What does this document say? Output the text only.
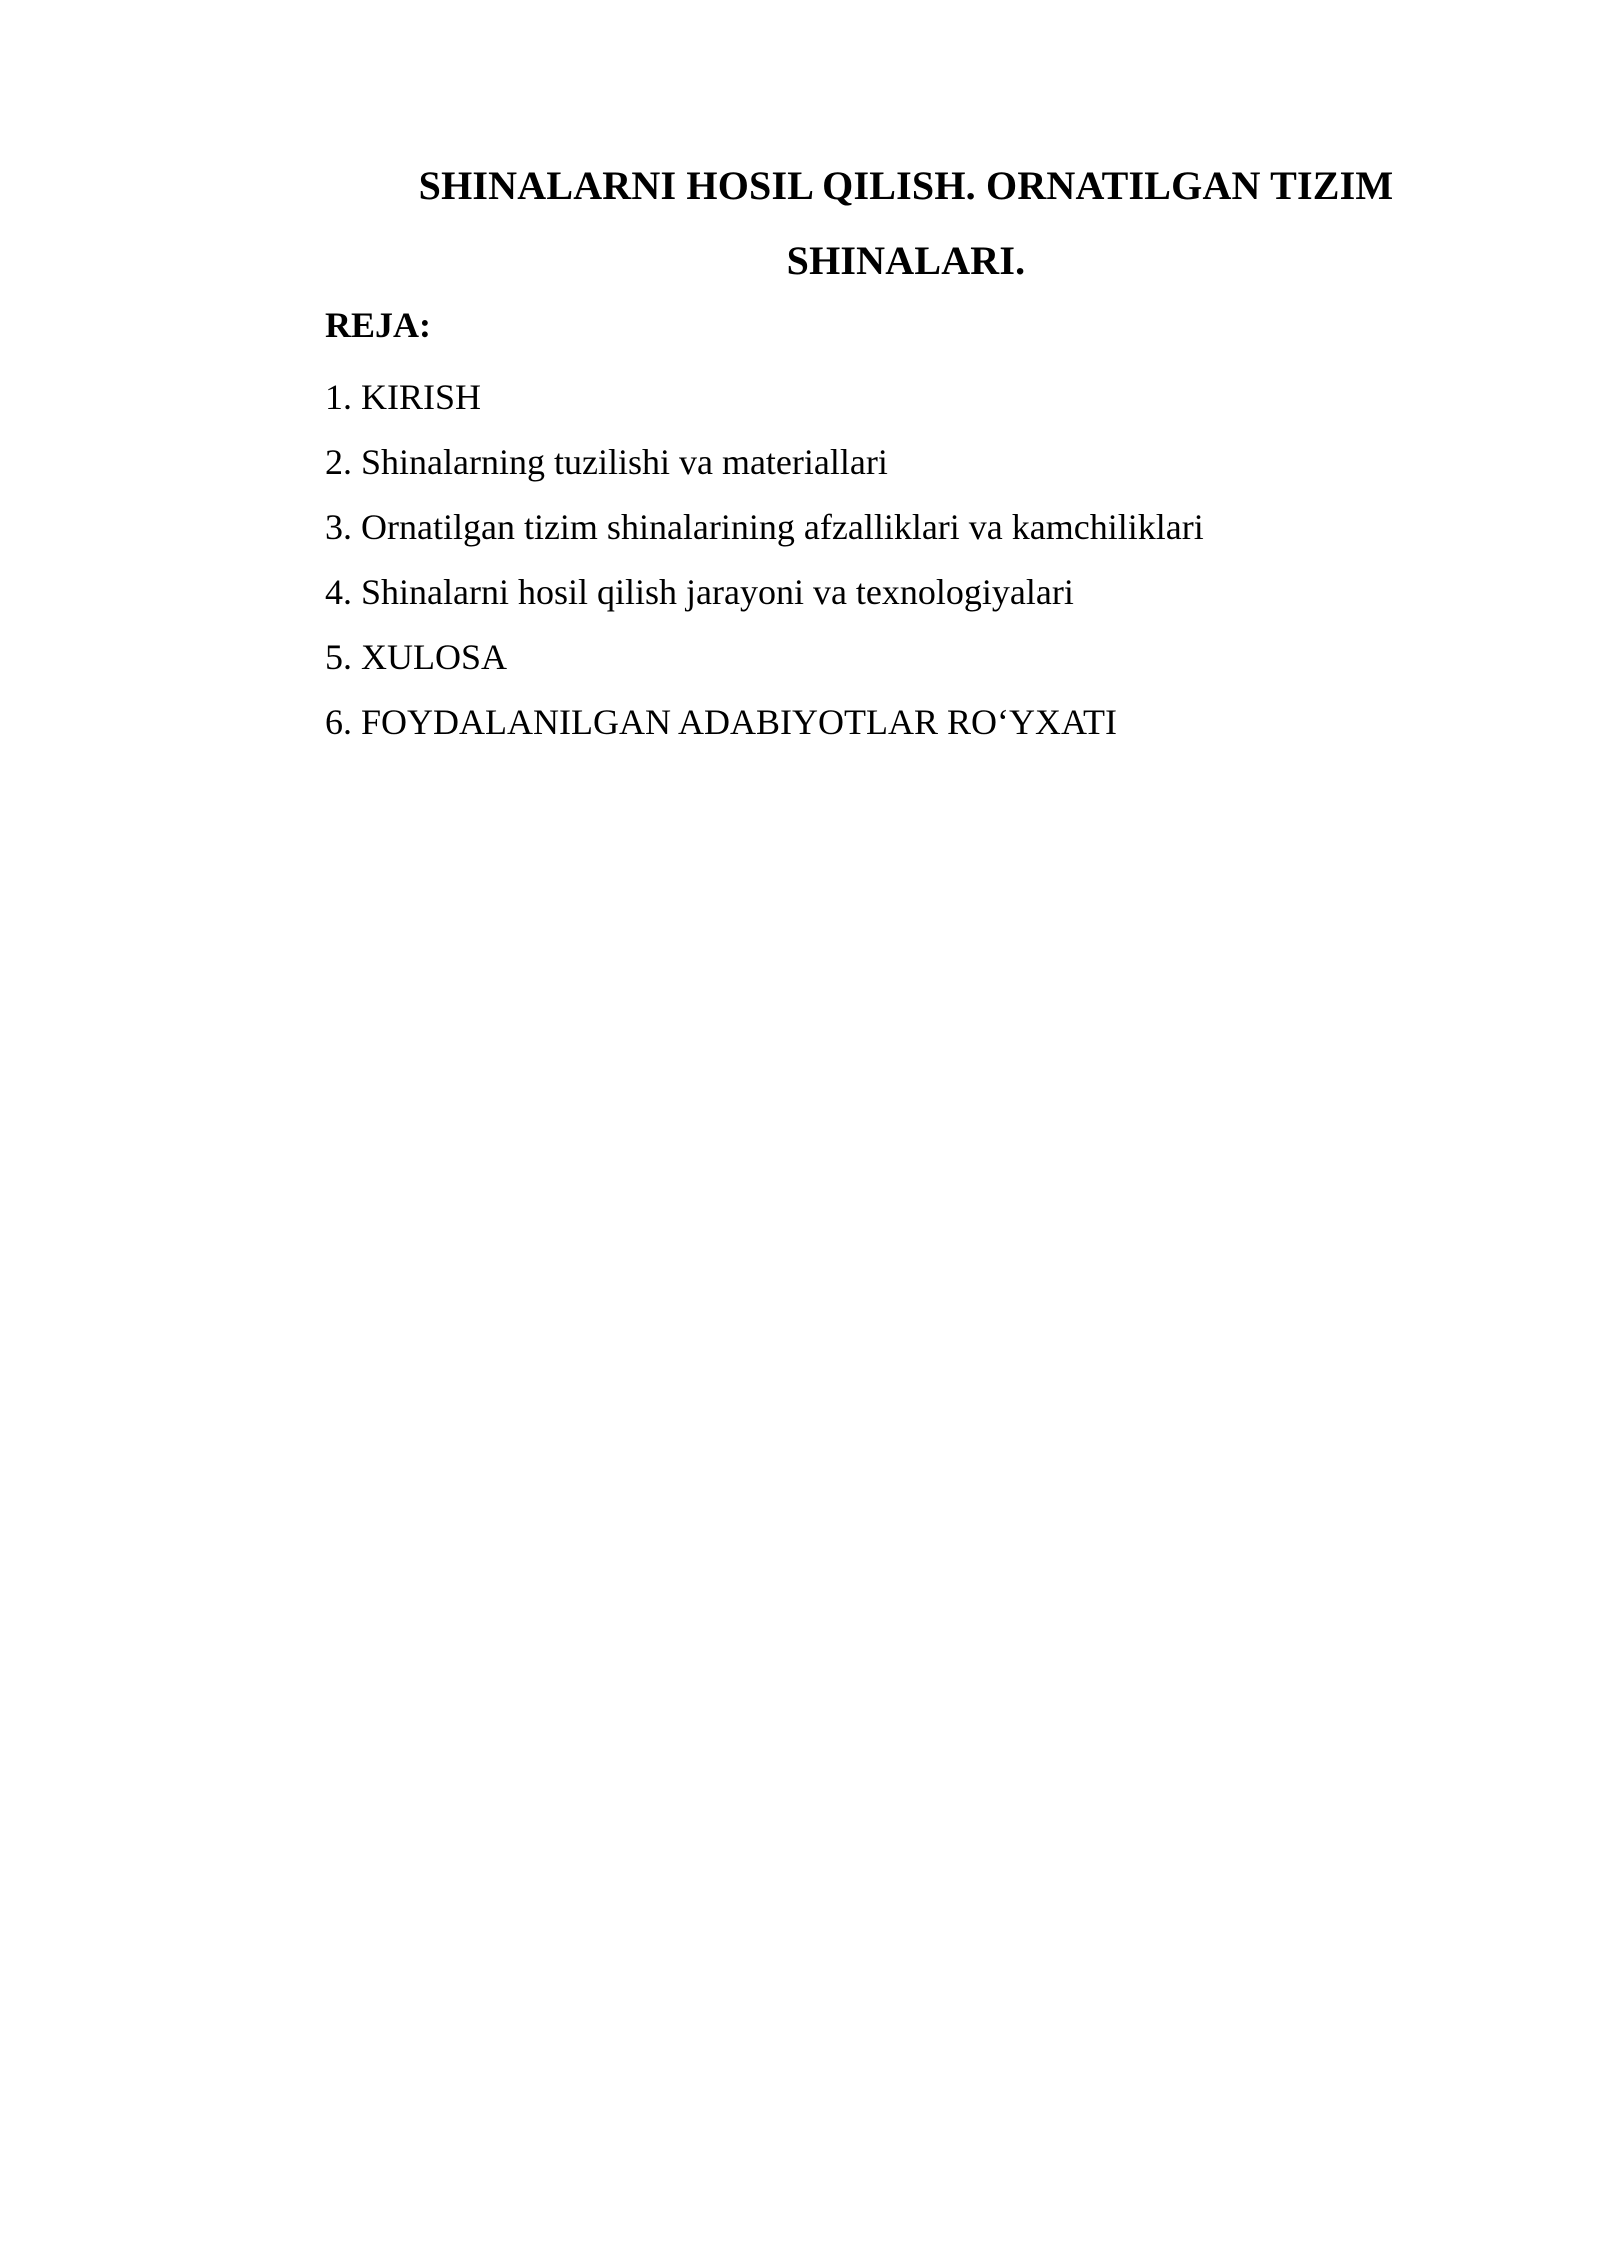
SHINALARNI HOSIL QILISH. ORNATILGAN TIZIM
SHINALARI.
REJA:
1. KIRISH
2. Shinalarning tuzilishi va materiallari
3. Ornatilgan tizim shinalarining afzalliklari va kamchiliklari
4. Shinalarni hosil qilish jarayoni va texnologiyalari
5. XULOSA
6. FOYDALANILGAN ADABIYOTLAR RO‘YXATI
